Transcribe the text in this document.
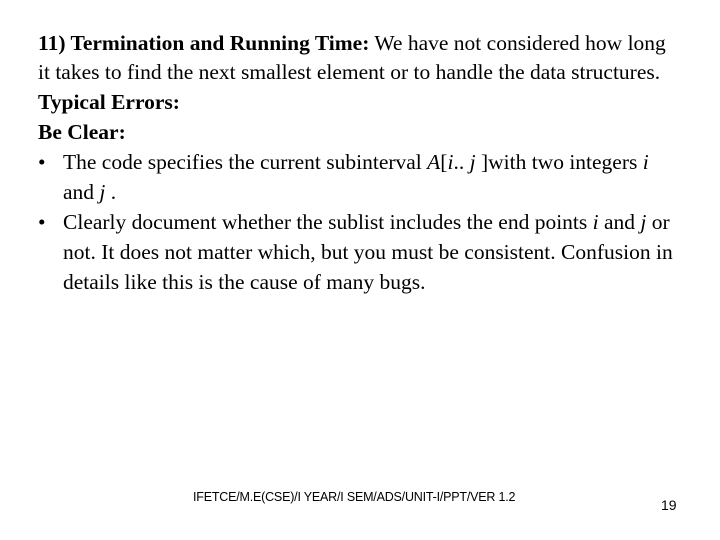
11) Termination and Running Time: We have not considered how long it takes to find the next smallest element or to handle the data structures.

Typical Errors:

Be Clear:

• The code specifies the current subinterval A[i.. j ]with two integers i and j .
• Clearly document whether the sublist includes the end points i and j or not. It does not matter which, but you must be consistent. Confusion in details like this is the cause of many bugs.
IFETCE/M.E(CSE)/I YEAR/I SEM/ADS/UNIT-I/PPT/VER 1.2	19
